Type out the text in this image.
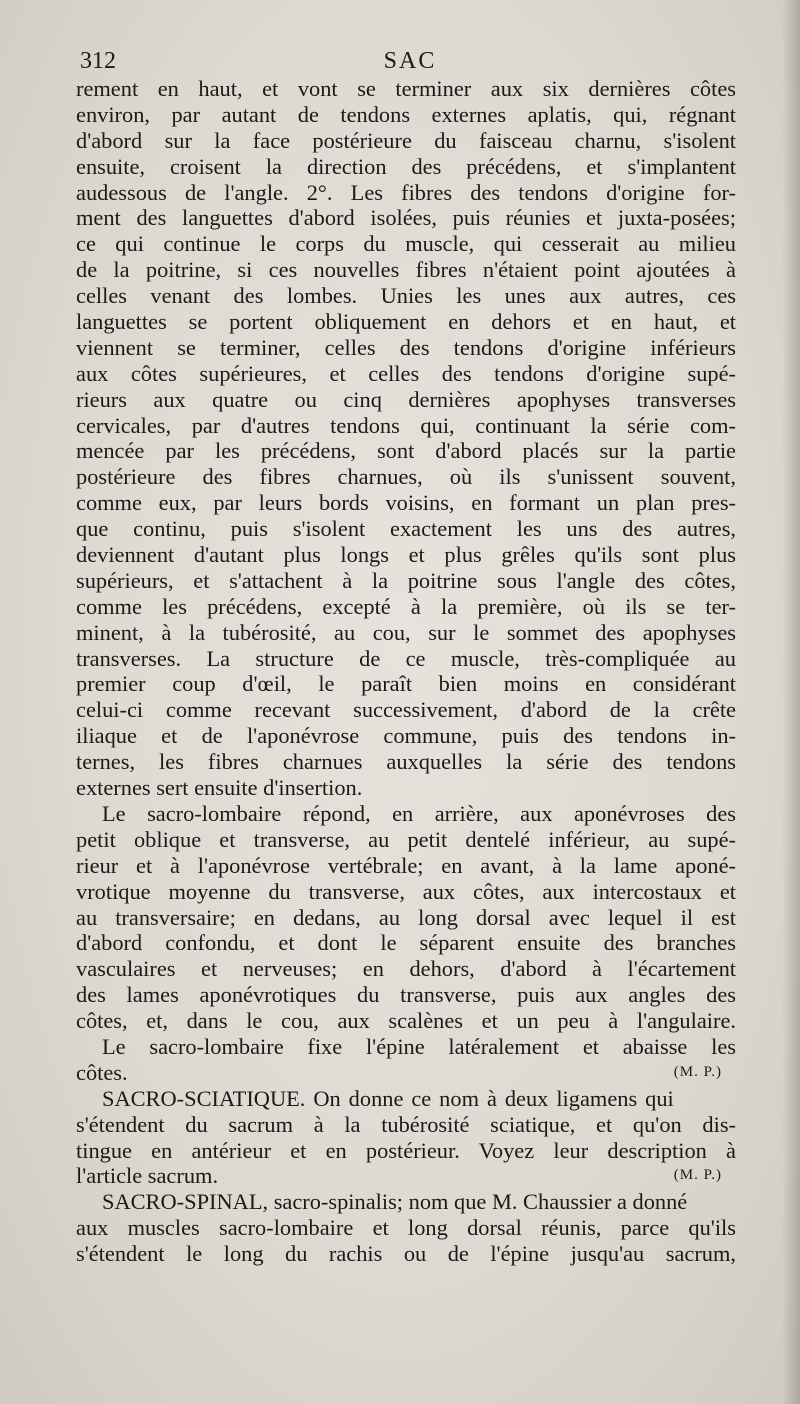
312	SAC
rement en haut, et vont se terminer aux six dernières côtes
environ, par autant de tendons externes aplatis, qui, régnant
d'abord sur la face postérieure du faisceau charnu, s'isolent
ensuite, croisent la direction des précédens, et s'implantent
audessous de l'angle. 2°. Les fibres des tendons d'origine for-
ment des languettes d'abord isolées, puis réunies et juxta-posées;
ce qui continue le corps du muscle, qui cesserait au milieu
de la poitrine, si ces nouvelles fibres n'étaient point ajoutées à
celles venant des lombes. Unies les unes aux autres, ces
languettes se portent obliquement en dehors et en haut, et
viennent se terminer, celles des tendons d'origine inférieurs
aux côtes supérieures, et celles des tendons d'origine supé-
rieurs aux quatre ou cinq dernières apophyses transverses
cervicales, par d'autres tendons qui, continuant la série com-
mencée par les précédens, sont d'abord placés sur la partie
postérieure des fibres charnues, où ils s'unissent souvent,
comme eux, par leurs bords voisins, en formant un plan pres-
que continu, puis s'isolent exactement les uns des autres,
deviennent d'autant plus longs et plus grêles qu'ils sont plus
supérieurs, et s'attachent à la poitrine sous l'angle des côtes,
comme les précédens, excepté à la première, où ils se ter-
minent, à la tubérosité, au cou, sur le sommet des apophyses
transverses. La structure de ce muscle, très-compliquée au
premier coup d'œil, le paraît bien moins en considérant
celui-ci comme recevant successivement, d'abord de la crête
iliaque et de l'aponévrose commune, puis des tendons in-
ternes, les fibres charnues auxquelles la série des tendons
externes sert ensuite d'insertion.
Le sacro-lombaire répond, en arrière, aux aponévroses des
petit oblique et transverse, au petit dentelé inférieur, au supé-
rieur et à l'aponévrose vertébrale; en avant, à la lame aponé-
vrotique moyenne du transverse, aux côtes, aux intercostaux et
au transversaire; en dedans, au long dorsal avec lequel il est
d'abord confondu, et dont le séparent ensuite des branches
vasculaires et nerveuses; en dehors, d'abord à l'écartement
des lames aponévrotiques du transverse, puis aux angles des
côtes, et, dans le cou, aux scalènes et un peu à l'angulaire.
Le sacro-lombaire fixe l'épine latéralement et abaisse les
côtes.	(M. P.)
SACRO-SCIATIQUE. On donne ce nom à deux ligamens qui
s'étendent du sacrum à la tubérosité sciatique, et qu'on dis-
tingue en antérieur et en postérieur. Voyez leur description à
l'article sacrum.	(M. P.)
SACRO-SPINAL, sacro-spinalis; nom que M. Chaussier a donné
aux muscles sacro-lombaire et long dorsal réunis, parce qu'ils
s'étendent le long du rachis ou de l'épine jusqu'au sacrum,
